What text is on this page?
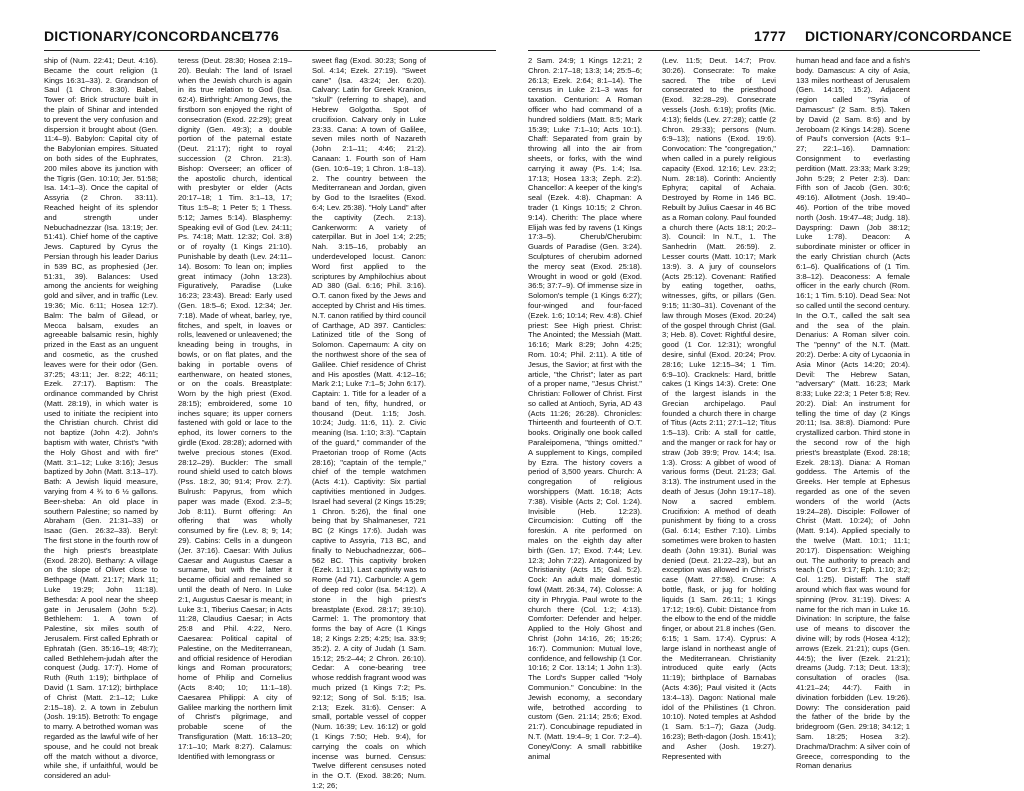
DICTIONARY/CONCORDANCE
1776

ship of (Num. 22:41; Deut. 4:16). Became the court religion (1 Kings 16:31–33). 2. Grandson of Saul (1 Chron. 8:30). Babel, Tower of: Brick structure built in the plain of Shinar and intended to prevent the very confusion and dispersion it brought about (Gen. 11:4–9). Babylon: Capital city of the Babylonian empires. Situated on both sides of the Euphrates, 200 miles above its junction with the Tigris (Gen. 10:10; Jer. 51:58; Isa. 14:1–3). Once the capital of Assyria (2 Chron. 33:11). Reached height of its splendor and strength under Nebuchadnezzar (Isa. 13:19; Jer. 51:41). Chief home of the captive Jews. Captured by Cyrus the Persian through his leader Darius in 539 BC, as prophesied (Jer. 51:31, 39). Balances: Used among the ancients for weighing gold and silver, and in traffic (Lev. 19:36; Mic. 6:11; Hosea 12:7). Balm: The balm of Gilead, or Mecca balsam, exudes an agreeable balsamic resin, highly prized in the East as an unguent and cosmetic, as the crushed leaves were for their odor (Gen. 37:25; 43:11; Jer. 8:22; 46:11; Ezek. 27:17). Baptism: The ordinance commanded by Christ (Matt. 28:19), in which water is used to initiate the recipient into the Christian church. Christ did not baptize (John 4:2). John's baptism with water, Christ's "with the Holy Ghost and with fire" (Matt. 3:1–12; Luke 3:16); Jesus baptized by John (Matt. 3:13–17). Bath: A Jewish liquid measure, varying from 4 ¾ to 6 ½ gallons. Beer-sheba: An old place in southern Palestine; so named by Abraham (Gen. 21:31–33) or Isaac (Gen. 26:32–33). Beryl: The first stone in the fourth row of the high priest's breastplate (Exod. 28:20). Bethany: A village on the slope of Olivet close to Bethpage (Matt. 21:17; Mark 11; Luke 19:29; John 11:18). Bethesda: A pool near the sheep gate in Jerusalem (John 5:2). Bethlehem: 1. A town of Palestine, six miles south of Jerusalem. First called Ephrath or Ephratah (Gen. 35:16–19; 48:7); called Bethlehem-judah after the conquest (Judg. 17:7). Home of Ruth (Ruth 1:19); birthplace of David (1 Sam. 17:12); birthplace of Christ (Matt. 2:1–12; Luke 2:15–18). 2. A town in Zebulun (Josh. 19:15). Betroth: To engage to marry. A betrothed woman was regarded as the lawful wife of her spouse, and he could not break off the match without a divorce, while she, if unfaithful, would be considered an adul-

teress (Deut. 28:30; Hosea 2:19–20). Beulah: The land of Israel when the Jewish church is again in its true relation to God (Isa. 62:4). Birthright: Among Jews, the firstborn son enjoyed the right of consecration (Exod. 22:29); great dignity (Gen. 49:3); a double portion of the paternal estate (Deut. 21:17); right to royal succession (2 Chron. 21:3). Bishop: Overseer; an officer of the apostolic church, identical with presbyter or elder (Acts 20:17–18; 1 Tim. 3:1–13, 17; Titus 1:5–8; 1 Peter 5; 1 Thess. 5:12; James 5:14). Blasphemy: Speaking evil of God (Lev. 24:11; Ps. 74:18; Matt. 12:32; Col. 3:8) or of royalty (1 Kings 21:10). Punishable by death (Lev. 24:11–14). Bosom: To lean on; implies great intimacy (John 13:23). Figuratively, Paradise (Luke 16:23; 23:43). Bread: Early used (Gen. 18:5–6; Exod. 12:34; Jer. 7:18). Made of wheat, barley, rye, fitches, and spelt, in loaves or rolls, leavened or unleavened; the kneading being in troughs, in bowls, or on flat plates, and the baking in portable ovens of earthenware, on heated stones, or on the coals. Breastplate: Worn by the high priest (Exod. 28:15); embroidered, some 10 inches square; its upper corners fastened with gold or lace to the ephod, its lower corners to the girdle (Exod. 28:28); adorned with twelve precious stones (Exod. 28:12–29). Buckler: The small round shield used to catch blows (Pss. 18:2, 30; 91:4; Prov. 2:7). Bulrush: Papyrus, from which paper was made (Exod. 2:3–5; Job 8:11). Burnt offering: An offering that was wholly consumed by fire (Lev. 8; 9; 14; 29). Cabins: Cells in a dungeon (Jer. 37:16). Caesar: With Julius Caesar and Augustus Caesar a surname, but with the latter it became official and remained so until the death of Nero. In Luke 2:1, Augustus Caesar is meant; in Luke 3:1, Tiberius Caesar; in Acts 11:28, Claudius Caesar; in Acts 25:8 and Phil. 4:22, Nero. Caesarea: Political capital of Palestine, on the Mediterranean, and official residence of Herodian kings and Roman procurators; home of Philip and Cornelius (Acts 8:40; 10; 11:1–18). Caesarea Philippi: A city of Galilee marking the northern limit of Christ's pilgrimage, and probable scene of the Transfiguration (Matt. 16:13–20; 17:1–10; Mark 8:27). Calamus: Identified with lemongrass or

sweet flag (Exod. 30:23; Song of Sol. 4:14; Ezek. 27:19). "Sweet cane" (Isa. 43:24; Jer. 6:20). Calvary: Latin for Greek Kranion, "skull" (referring to shape), and Hebrew Golgotha. Spot of crucifixion. Calvary only in Luke 23:33. Cana: A town of Galilee, seven miles north of Nazareth (John 2:1–11; 4:46; 21:2). Canaan: 1. Fourth son of Ham (Gen. 10:6–19; 1 Chron. 1:8–13). 2. The country between the Mediterranean and Jordan, given by God to the Israelites (Exod. 6:4; Lev. 25:38). "Holy Land" after the captivity (Zech. 2:13). Cankerworm: A variety of caterpillar. But in Joel 1:4; 2:25; Nah. 3:15–16, probably an underdeveloped locust. Canon: Word first applied to the scriptures by Amphilochius about AD 380 (Gal. 6:16; Phil. 3:16). O.T. canon fixed by the Jews and accepted by Christ and His times. N.T. canon ratified by third council of Carthage, AD 397. Canticles: Latinized title of the Song of Solomon. Capernaum: A city on the northwest shore of the sea of Galilee. Chief residence of Christ and His apostles (Matt. 4:12–16; Mark 2:1; Luke 7:1–5; John 6:17). Captain: 1. Title for a leader of a band of ten, fifty, hundred, or thousand (Deut. 1:15; Josh. 10:24; Judg. 11:6, 11). 2. Civic meaning (Isa. 1:10; 3:3). "Captain of the guard," commander of the Praetorian troop of Rome (Acts 28:16); "captain of the temple," chief of the temple watchmen (Acts 4:1). Captivity: Six partial captivities mentioned in Judges. Israel had several (2 Kings 15:29; 1 Chron. 5:26), the final one being that by Shalmaneser, 721 BC (2 Kings 17:6). Judah was captive to Assyria, 713 BC, and finally to Nebuchadnezzar, 606–562 BC. This captivity broken (Ezek. 1:11). Last captivity was to Rome (Ad 71). Carbuncle: A gem of deep red color (Isa. 54:12). A stone in the high priest's breastplate (Exod. 28:17; 39:10). Carmel: 1. The promontory that forms the bay of Acre (1 Kings 18; 2 Kings 2:25; 4:25; Isa. 33:9; 35:2). 2. A city of Judah (1 Sam. 15:12; 25:2–44; 2 Chron. 26:10). Cedar: A cone-bearing tree whose reddish fragrant wood was much prized (1 Kings 7:2; Ps. 92:12; Song of Sol. 5:15; Isa. 2:13; Ezek. 31:6). Censer: A small, portable vessel of copper (Num. 16:39; Lev. 16:12) or gold (1 Kings 7:50; Heb. 9:4), for carrying the coals on which incense was burned. Census: Twelve different censuses noted in the O.T. (Exod. 38:26; Num. 1:2; 26;

1777 DICTIONARY/CONCORDANCE

2 Sam. 24:9; 1 Kings 12:21; 2 Chron. 2:17–18; 13:3; 14; 25:5–6; 26:13; Ezek. 2:64; 8:1–14). The census in Luke 2:1–3 was for taxation. Centurion: A Roman officer who had command of a hundred soldiers (Matt. 8:5; Mark 15:39; Luke 7:1–10; Acts 10:1). Chaff: Separated from grain by throwing all into the air from sheets, or forks, with the wind carrying it away (Ps. 1:4; Isa. 17:13; Hosea 13:3; Zeph. 2:2). Chancellor: A keeper of the king's seal (Ezek. 4:8). Chapman: A trader (1 Kings 10:15; 2 Chron. 9:14). Cherith: The place where Elijah was fed by ravens (1 Kings 17:3–5). Cherub/Cherubim: Guards of Paradise (Gen. 3:24). Sculptures of cherubim adorned the mercy seat (Exod. 25:18). Wrought in wood or gold (Exod. 36:5; 37:7–9). Of immense size in Solomon's temple (1 Kings 6:27); four-winged and four-faced (Ezek. 1:6; 10:14; Rev. 4:8). Chief priest: See High priest. Christ: The Anointed; the Messiah (Matt. 16:16; Mark 8:29; John 4:25; Rom. 10:4; Phil. 2:11). A title of Jesus, the Savior; at first with the article, "the Christ"; later as part of a proper name, "Jesus Christ." Christian: Follower of Christ. First so called at Antioch, Syria, AD 43 (Acts 11:26; 26:28). Chronicles: Thirteenth and fourteenth of O.T. books. Originally one book called Paraleipomena, "things omitted." A supplement to Kings, compiled by Ezra. The history covers a period of 3,500 years. Church: A congregation of religious worshippers (Matt. 16:18; Acts 7:38). Visible (Acts 2; Col. 1:24). Invisible (Heb. 12:23). Circumcision: Cutting off the foreskin. A rite performed on males on the eighth day after birth (Gen. 17; Exod. 7:44; Lev. 12:3; John 7:22). Antagonized by Christianity (Acts 15; Gal. 5:2). Cock: An adult male domestic fowl (Matt. 26:34, 74). Colosse: A city in Phrygia. Paul wrote to the church there (Col. 1:2; 4:13). Comforter: Defender and helper. Applied to the Holy Ghost and Christ (John 14:16, 26; 15:26; 16:7). Communion: Mutual love, confidence, and fellowship (1 Cor. 10:16; 2 Cor. 13:14; 1 John 1:3). The Lord's Supper called "Holy Communion." Concubine: In the Jewish economy, a secondary wife, betrothed according to custom (Gen. 21:14; 25:6; Exod. 21:7). Concubinage repudiated in N.T. (Matt. 19:4–9; 1 Cor. 7:2–4). Coney/Cony: A small rabbitlike animal

(Lev. 11:5; Deut. 14:7; Prov. 30:26). Consecrate: To make sacred. The tribe of Levi consecrated to the priesthood (Exod. 32:28–29). Consecrate vessels (Josh. 6:19); profits (Mic. 4:13); fields (Lev. 27:28); cattle (2 Chron. 29:33); persons (Num. 6:9–13); nations (Exod. 19:6). Convocation: The "congregation," when called in a purely religious capacity (Exod. 12:16; Lev. 23:2; Num. 28:18). Corinth: Anciently Ephyra; capital of Achaia. Destroyed by Rome in 146 BC. Rebuilt by Julius Caesar in 46 BC as a Roman colony. Paul founded a church there (Acts 18:1; 20:2–3). Council: In N.T., 1. The Sanhedrin (Matt. 26:59). 2. Lesser courts (Matt. 10:17; Mark 13:9). 3. A jury of counselors (Acts 25:12). Covenant: Ratified by eating together, oaths, witnesses, gifts, or pillars (Gen. 9:15; 11:30–31). Covenant of the law through Moses (Exod. 20:24) of the gospel through Christ (Gal. 3; Heb. 8). Covet: Rightful desire, good (1 Cor. 12:31); wrongful desire, sinful (Exod. 20:24; Prov. 28:16; Luke 12:15–34; 1 Tim. 6:9–10). Cracknels: Hard, brittle cakes (1 Kings 14:3). Crete: One of the largest islands in the Grecian archipelago. Paul founded a church there in charge of Titus (Acts 2:11; 27:1–12; Titus 1:5–13). Crib: A stall for cattle, and the manger or rack for hay or straw (Job 39:9; Prov. 14:4; Isa. 1:3). Cross: A gibbet of wood of various forms (Deut. 21:23; Gal. 3:13). The instrument used in the death of Jesus (John 19:17–18). Now a sacred emblem. Crucifixion: A method of death punishment by fixing to a cross (Gal. 6:14; Esther 7:10). Limbs sometimes were broken to hasten death (John 19:31). Burial was denied (Deut. 21:22–23), but an exception was allowed in Christ's case (Matt. 27:58). Cruse: A bottle, flask, or jug for holding liquids (1 Sam. 26:11; 1 Kings 17:12; 19:6). Cubit: Distance from the elbow to the end of the middle finger, or about 21.8 inches (Gen. 6:15; 1 Sam. 17:4). Cyprus: A large island in northeast angle of the Mediterranean. Christianity introduced quite early (Acts 11:19); birthplace of Barnabas (Acts 4:36); Paul visited it (Acts 13:4–13). Dagon: National male idol of the Philistines (1 Chron. 10:10). Noted temples at Ashdod (1 Sam. 5:1–7); Gaza (Judg. 16:23); Beth-dagon (Josh. 15:41); and Asher (Josh. 19:27). Represented with

human head and face and a fish's body. Damascus: A city of Asia, 133 miles northeast of Jerusalem (Gen. 14:15; 15:2). Adjacent region called "Syria of Damascus" (2 Sam. 8:5). Taken by David (2 Sam. 8:6) and by Jeroboam (2 Kings 14:28). Scene of Paul's conversion (Acts 9:1–27; 22:1–16). Damnation: Consignment to everlasting perdition (Matt. 23:33; Mark 3:29; John 5:29; 2 Peter 2:3). Dan: Fifth son of Jacob (Gen. 30:6; 49:16). Allotment (Josh. 19:40–46). Portion of the tribe moved north (Josh. 19:47–48; Judg. 18). Dayspring: Dawn (Job 38:12; Luke 1:78). Deacon: A subordinate minister or officer in the early Christian church (Acts 6:1–6). Qualifications of (1 Tim. 3:8–12). Deaconess: A female officer in the early church (Rom. 16:1; 1 Tim. 5:10). Dead Sea: Not so called until the second century. In the O.T., called the salt sea and the sea of the plain. Denarius: A Roman silver coin. The "penny" of the N.T. (Matt. 20:2). Derbe: A city of Lycaonia in Asia Minor (Acts 14:20; 20:4). Devil: The Hebrew Satan, "adversary" (Matt. 16:23; Mark 8:33; Luke 22:3; 1 Peter 5:8; Rev. 20:2). Dial: An instrument for telling the time of day (2 Kings 20:11; Isa. 38:8). Diamond: Pure crystallized carbon. Third stone in the second row of the high priest's breastplate (Exod. 28:18; Ezek. 28:13). Diana: A Roman goddess. The Artemis of the Greeks. Her temple at Ephesus regarded as one of the seven wonders of the world (Acts 19:24–28). Disciple: Follower of Christ (Matt. 10:24); of John (Matt. 9:14). Applied specially to the twelve (Matt. 10:1; 11:1; 20:17). Dispensation: Weighing out. The authority to preach and teach (1 Cor. 9:17; Eph. 1:10; 3:2; Col. 1:25). Distaff: The staff around which flax was wound for spinning (Prov. 31:19). Dives: A name for the rich man in Luke 16. Divination: In scripture, the false use of means to discover the divine will; by rods (Hosea 4:12); arrows (Ezek. 21:21); cups (Gen. 44:5); the liver (Ezek. 21:21); dreams (Judg. 7:13; Deut. 13:3); consultation of oracles (Isa. 41:21–24; 44:7). Faith in divination forbidden (Lev. 19:26). Dowry: The consideration paid the father of the bride by the bridegroom (Gen. 29:18; 34:12; 1 Sam. 18:25; Hosea 3:2). Drachma/Drachm: A silver coin of Greece, corresponding to the Roman denarius
